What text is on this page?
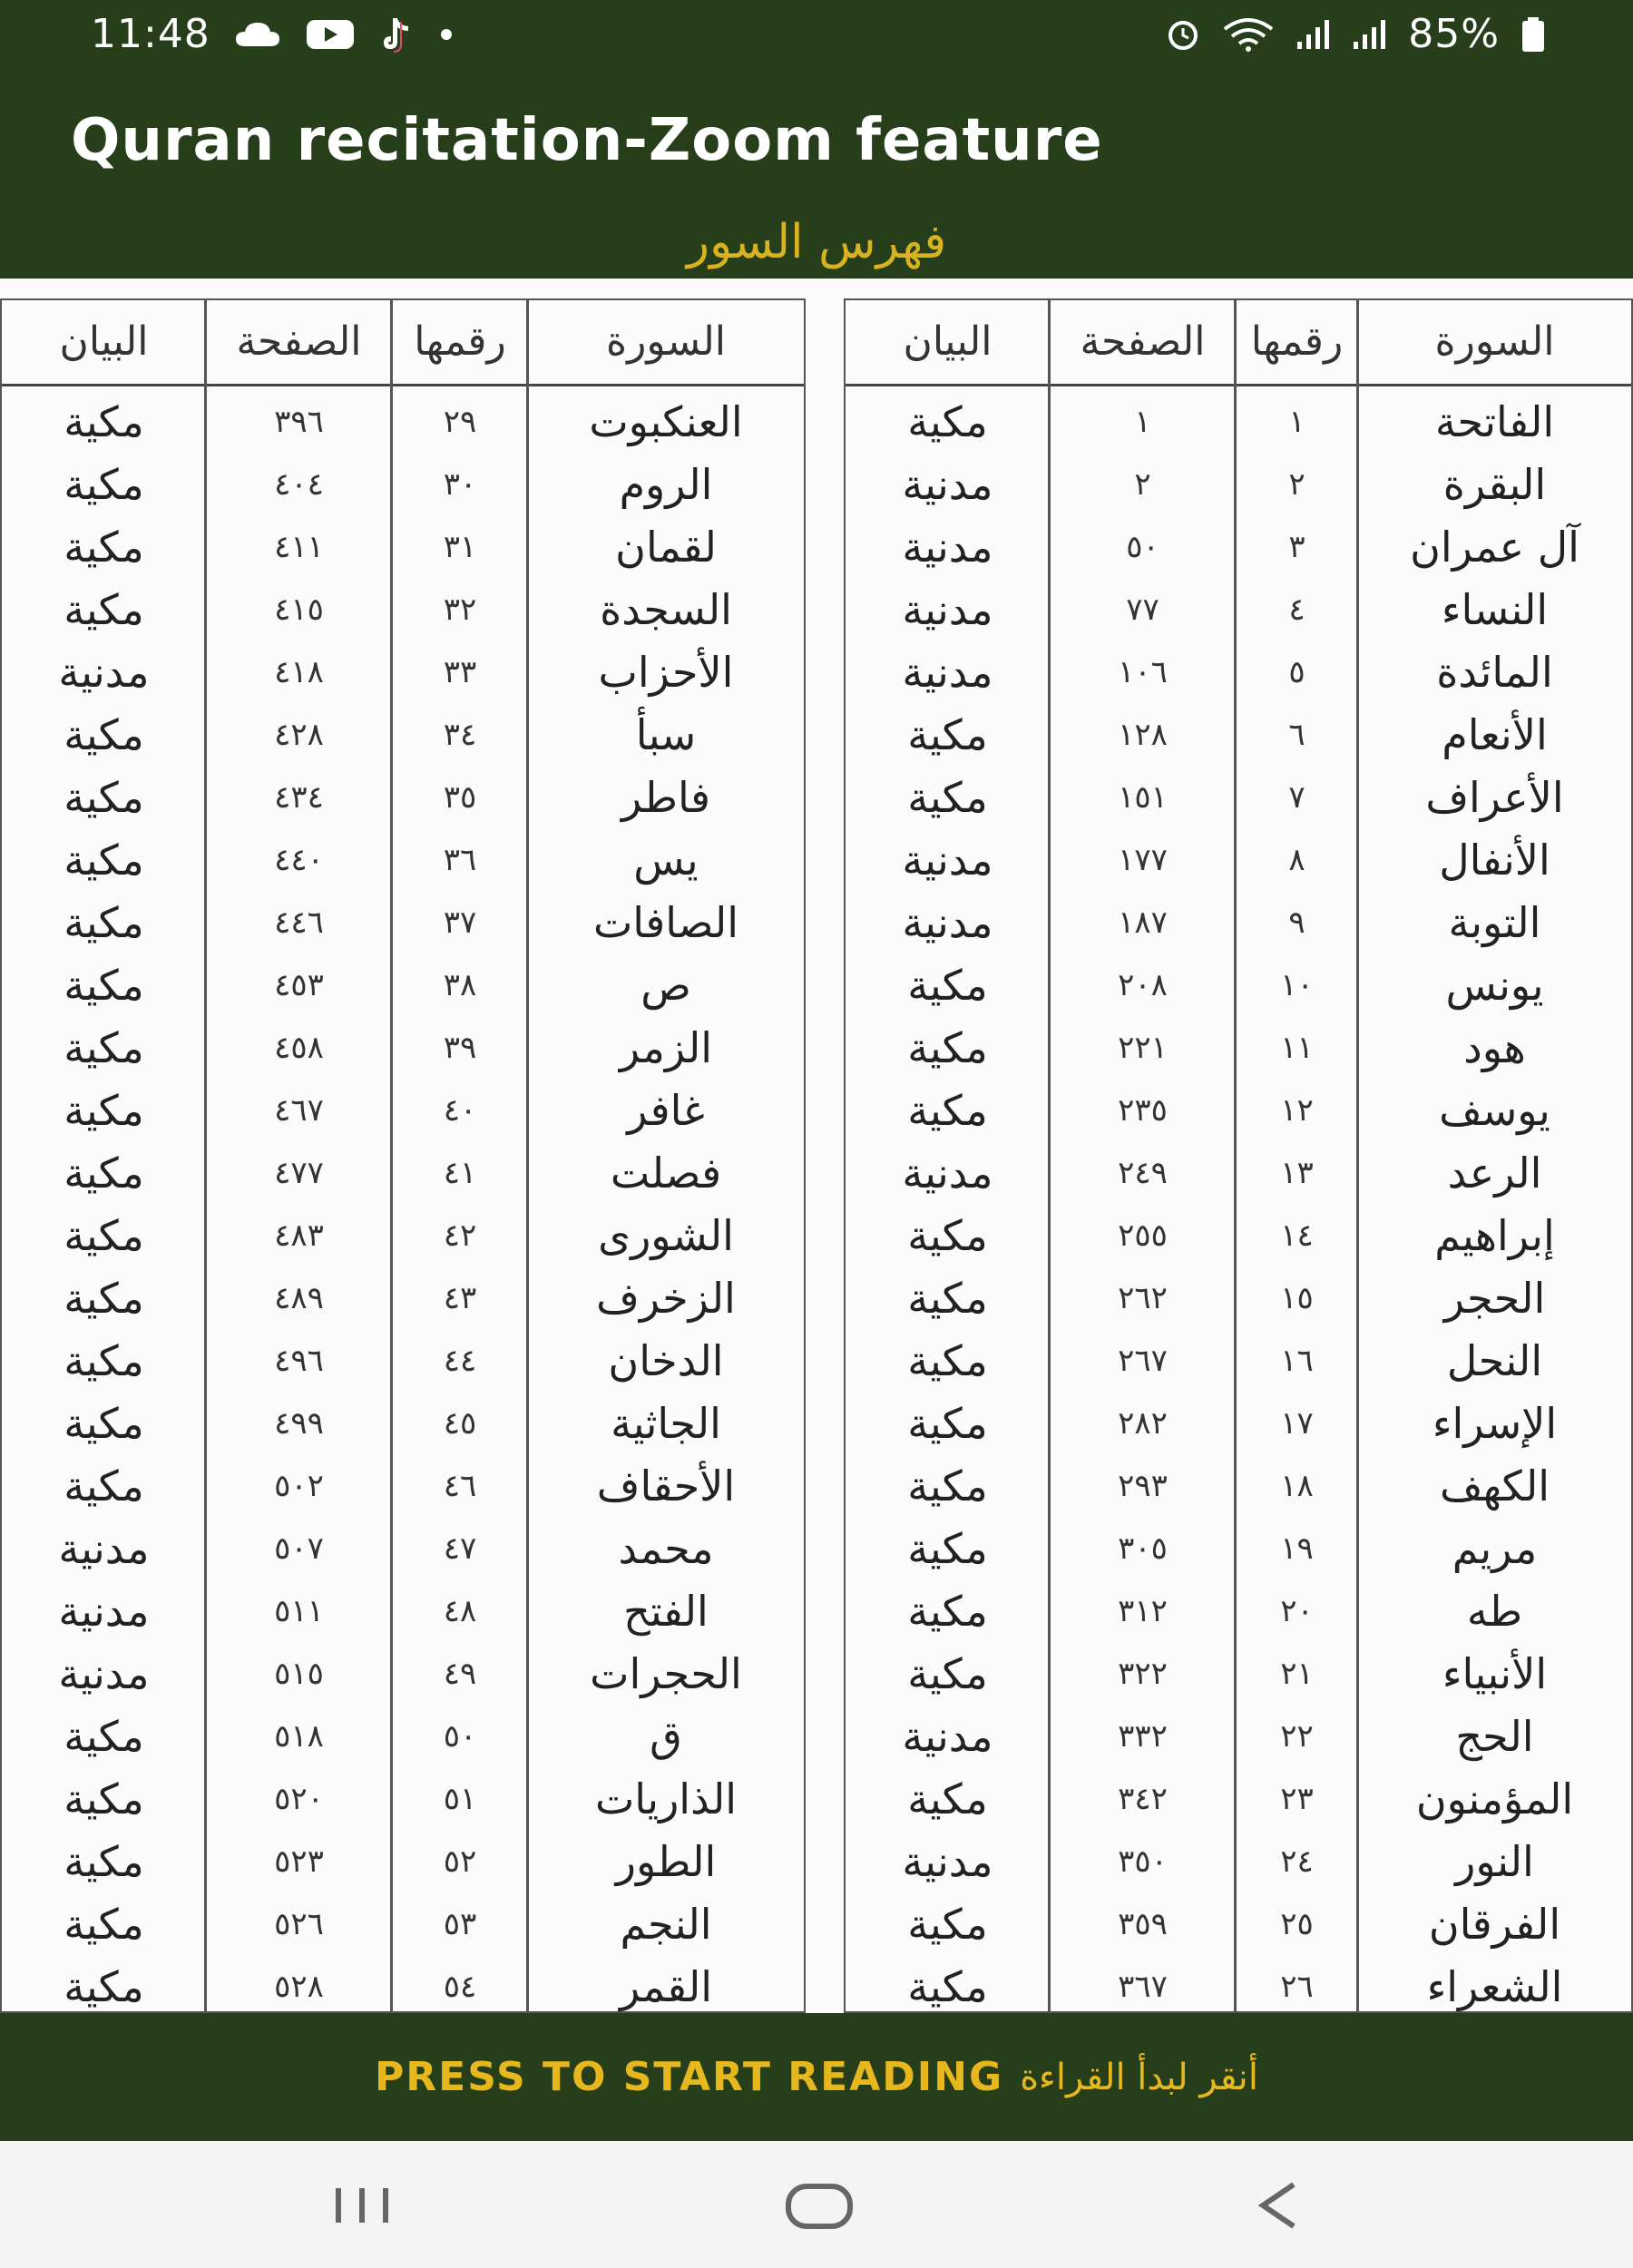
11:48	85%
Quran recitation-Zoom feature
فهرس السور
البيان	الصفحة	رقمها	السورة
مكية	٣٩٦	٢٩	العنكبوت
مكية	٤٠٤	٣٠	الروم
مكية	٤١١	٣١	لقمان
مكية	٤١٥	٣٢	السجدة
مدنية	٤١٨	٣٣	الأحزاب
مكية	٤٢٨	٣٤	سبأ
مكية	٤٣٤	٣٥	فاطر
مكية	٤٤٠	٣٦	يس
مكية	٤٤٦	٣٧	الصافات
مكية	٤٥٣	٣٨	ص
مكية	٤٥٨	٣٩	الزمر
مكية	٤٦٧	٤٠	غافر
مكية	٤٧٧	٤١	فصلت
مكية	٤٨٣	٤٢	الشورى
مكية	٤٨٩	٤٣	الزخرف
مكية	٤٩٦	٤٤	الدخان
مكية	٤٩٩	٤٥	الجاثية
مكية	٥٠٢	٤٦	الأحقاف
مدنية	٥٠٧	٤٧	محمد
مدنية	٥١١	٤٨	الفتح
مدنية	٥١٥	٤٩	الحجرات
مكية	٥١٨	٥٠	ق
مكية	٥٢٠	٥١	الذاريات
مكية	٥٢٣	٥٢	الطور
مكية	٥٢٦	٥٣	النجم
مكية	٥٢٨	٥٤	القمر
البيان	الصفحة	رقمها	السورة
مكية	١	١	الفاتحة
مدنية	٢	٢	البقرة
مدنية	٥٠	٣	آل عمران
مدنية	٧٧	٤	النساء
مدنية	١٠٦	٥	المائدة
مكية	١٢٨	٦	الأنعام
مكية	١٥١	٧	الأعراف
مدنية	١٧٧	٨	الأنفال
مدنية	١٨٧	٩	التوبة
مكية	٢٠٨	١٠	يونس
مكية	٢٢١	١١	هود
مكية	٢٣٥	١٢	يوسف
مدنية	٢٤٩	١٣	الرعد
مكية	٢٥٥	١٤	إبراهيم
مكية	٢٦٢	١٥	الحجر
مكية	٢٦٧	١٦	النحل
مكية	٢٨٢	١٧	الإسراء
مكية	٢٩٣	١٨	الكهف
مكية	٣٠٥	١٩	مريم
مكية	٣١٢	٢٠	طه
مكية	٣٢٢	٢١	الأنبياء
مدنية	٣٣٢	٢٢	الحج
مكية	٣٤٢	٢٣	المؤمنون
مدنية	٣٥٠	٢٤	النور
مكية	٣٥٩	٢٥	الفرقان
مكية	٣٦٧	٢٦	الشعراء
PRESS TO START READING أنقر لبدأ القراءة
